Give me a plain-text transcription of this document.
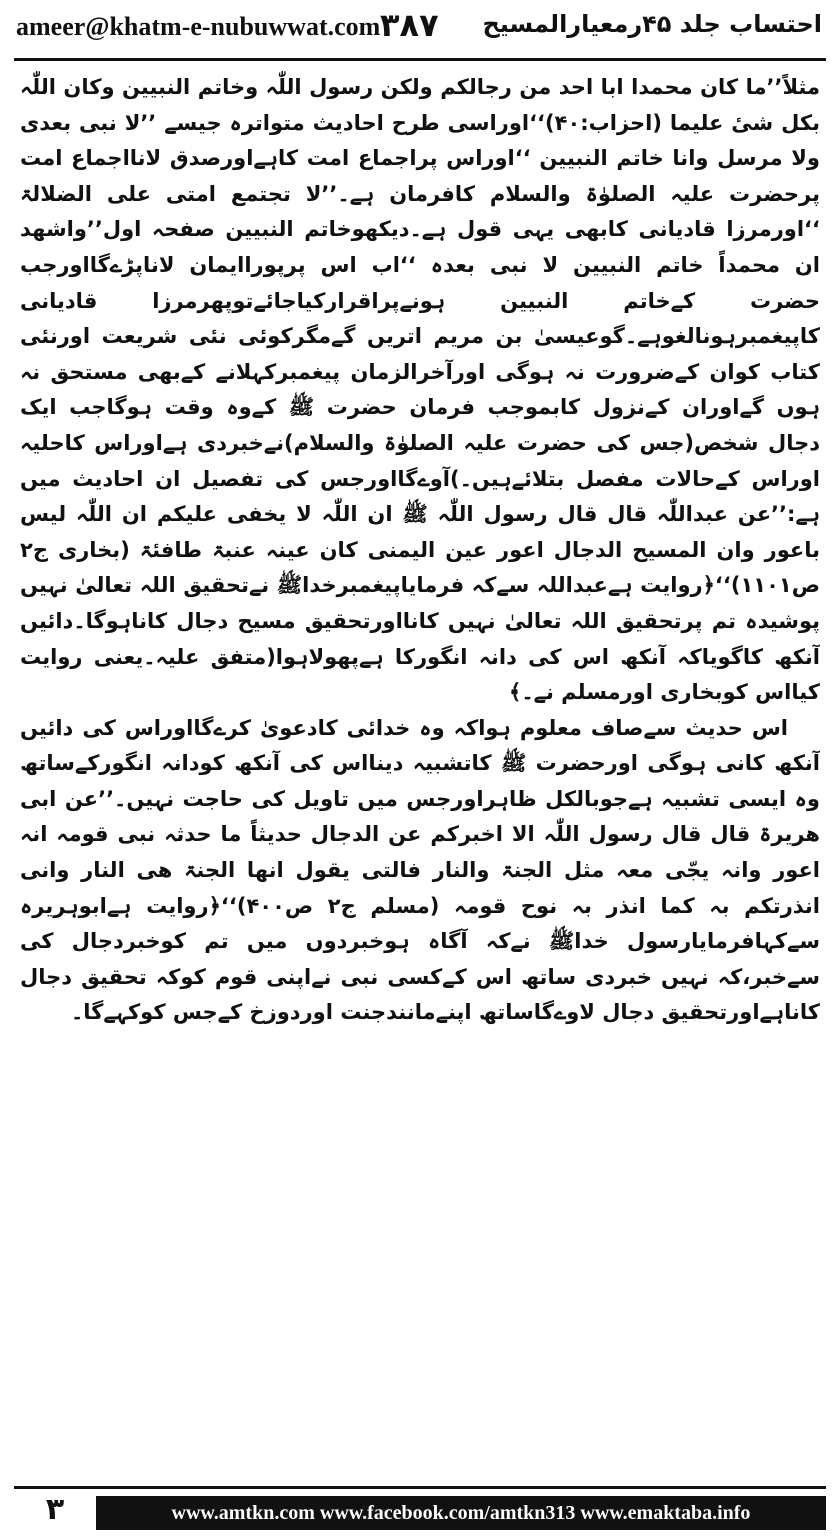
ameer@khatm-e-nubuwwat.com ٣٨٧ احتساب جلد ۴۵رمعیارالمسیح

مثلاً’’ما کان محمدا ابا احد من رجالکم ولکن رسول اللّٰہ وخاتم النبیین وکان اللّٰہ بکل شیٔ علیما (احزاب:۴۰)‘‘اوراسی طرح احادیث متواترہ جیسے ’’لا نبی بعدی ولا مرسل وانا خاتم النبیین ‘‘اوراس پراجماع امت کاہےاورصدق لانااجماع امت پرحضرت علیہ الصلوٰۃ والسلام کافرمان ہے۔’’لا تجتمع امتی علی الضلالۃ ‘‘اورمرزا قادیانی کابھی یہی قول ہے۔دیکھوخاتم النبیین صفحہ اول’’واشھد ان محمداً خاتم النبیین لا نبی بعدہ ‘‘اب اس پرپوراایمان لاناپڑےگااورجب حضرت کےخاتم النبیین ہونےپراقرارکیاجائےتوپھرمرزا قادیانی کاپیغمبرہونالغوہے۔گوعیسیٰ بن مریم اتریں گےمگرکوئی نئی شریعت اورنئی کتاب کوان کےضرورت نہ ہوگی اورآخرالزمان پیغمبرکہلانے کےبھی مستحق نہ ہوں گےاوران کےنزول کابموجب فرمان حضرت ﷺ کےوہ وقت ہوگاجب ایک دجال شخص(جس کی حضرت علیہ الصلوٰۃ والسلام)نےخبردی ہےاوراس کاحلیہ اوراس کےحالات مفصل بتلائےہیں۔)آوےگااورجس کی تفصیل ان احادیث میں ہے:’’عن عبداللّٰہ قال قال رسول اللّٰہ ﷺ ان اللّٰہ لا یخفی علیکم ان اللّٰہ لیس باعور وان المسیح الدجال اعور عین الیمنی کان عینہ عنبۃ طافئۃ (بخاری ج۲ ص۱۱۰۱)‘‘﴿روایت ہےعبداللہ سےکہ فرمایاپیغمبرخداﷺ نےتحقیق اللہ تعالیٰ نہیں پوشیدہ تم پرتحقیق اللہ تعالیٰ نہیں کانااورتحقیق مسیح دجال کاناہوگا۔دائیں آنکھ کاگویاکہ آنکھ اس کی دانہ انگورکا ہےپھولاہوا(متفق علیہ۔یعنی روایت کیااس کوبخاری اورمسلم نے۔﴾

اس حدیث سےصاف معلوم ہواکہ وہ خدائی کادعویٰ کرےگااوراس کی دائیں آنکھ کانی ہوگی اورحضرت ﷺ کاتشبیہ دینااس کی آنکھ کودانہ انگورکےساتھ وہ ایسی تشبیہ ہےجوبالکل ظاہراورجس میں تاویل کی حاجت نہیں۔’’عن ابی ھریرۃ قال قال رسول اللّٰہ الا اخبرکم عن الدجال حدیثاً ما حدثہ نبی قومہ انہ اعور وانہ یجّی معہ مثل الجنۃ والنار فالتی یقول انھا الجنۃ ھی النار وانی انذرتکم بہ کما انذر بہ نوح قومہ (مسلم ج۲ ص۴۰۰)‘‘﴿روایت ہےابوہریرہ سےکہافرمایارسول خداﷺ نےکہ آگاہ ہوخبردوں میں تم کوخبردجال کی سےخبر،کہ نہیں خبردی ساتھ اس کےکسی نبی نےاپنی قوم کوکہ تحقیق دجال کاناہےاورتحقیق دجال لاوےگاساتھ اپنےمانندجنت اوردوزخ کےجس کوکہےگا۔

٣	www.amtkn.com www.facebook.com/amtkn313 www.emaktaba.info
